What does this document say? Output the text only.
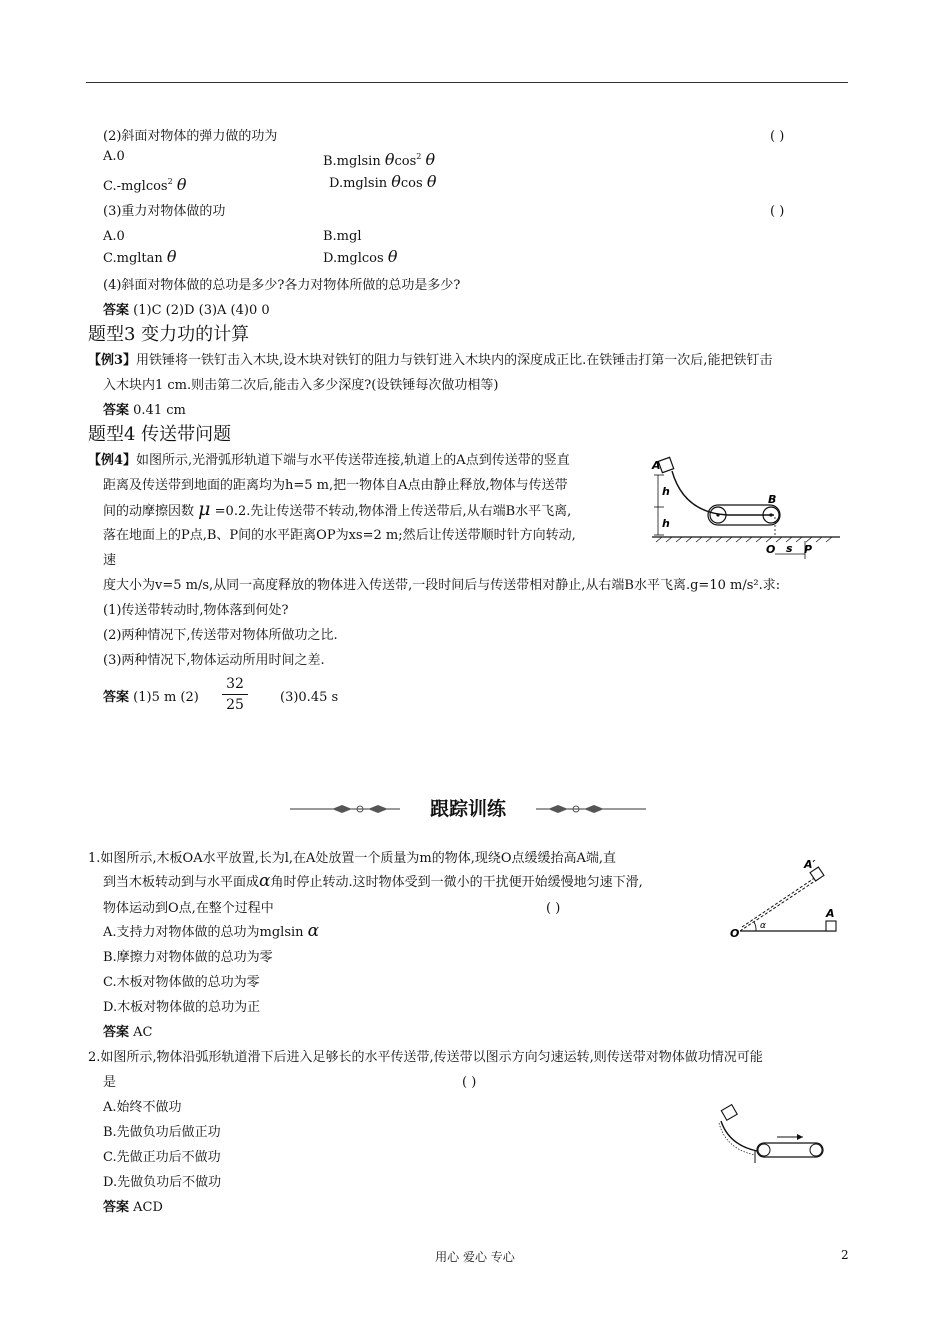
(2)斜面对物体的弹力做的功为	( )
A.0	B.mglsin θcos$^2$ θ
C.-mglcos$^2$ θ	D.mglsin θcos θ
(3)重力对物体做的功	( )
A.0	B.mgl
C.mgltan θ	D.mglcos θ
(4)斜面对物体做的总功是多少?各力对物体所做的总功是多少?
答案 (1)C (2)D (3)A (4)0 0
题型3 变力功的计算
【例3】用铁锤将一铁钉击入木块,设木块对铁钉的阻力与铁钉进入木块内的深度成正比.在铁锤击打第一次后,能把铁钉击
入木块内1 cm.则击第二次后,能击入多少深度?(设铁锤每次做功相等)
答案 0.41 cm
题型4 传送带问题
【例4】如图所示,光滑弧形轨道下端与水平传送带连接,轨道上的A点到传送带的竖直
距离及传送带到地面的距离均为h=5 m,把一物体自A点由静止释放,物体与传送带
间的动摩擦因数 μ =0.2.先让传送带不转动,物体滑上传送带后,从右端B水平飞离,
落在地面上的P点,B、P间的水平距离OP为xs=2 m;然后让传送带顺时针方向转动,
速
度大小为v=5 m/s,从同一高度释放的物体进入传送带,一段时间后与传送带相对静止,从右端B水平飞离.g=10 m/s².求:
(1)传送带转动时,物体落到何处?
(2)两种情况下,传送带对物体所做功之比.
(3)两种情况下,物体运动所用时间之差.
答案 (1)5 m (2)
32
25	(3)0.45 s
A
h
h
B
O s P
跟踪训练
1.如图所示,木板OA水平放置,长为l,在A处放置一个质量为m的物体,现绕O点缓缓抬高A端,直
到当木板转动到与水平面成α角时停止转动.这时物体受到一微小的干扰便开始缓慢地匀速下滑,
物体运动到O点,在整个过程中	( )
A.支持力对物体做的总功为mglsin α
B.摩擦力对物体做的总功为零
C.木板对物体做的总功为零
D.木板对物体做的总功为正
答案 AC
O
α
A
A′
2.如图所示,物体沿弧形轨道滑下后进入足够长的水平传送带,传送带以图示方向匀速运转,则传送带对物体做功情况可能
是	( )
A.始终不做功
B.先做负功后做正功
C.先做正功后不做功
D.先做负功后不做功
答案 ACD
用心 爱心 专心	2
